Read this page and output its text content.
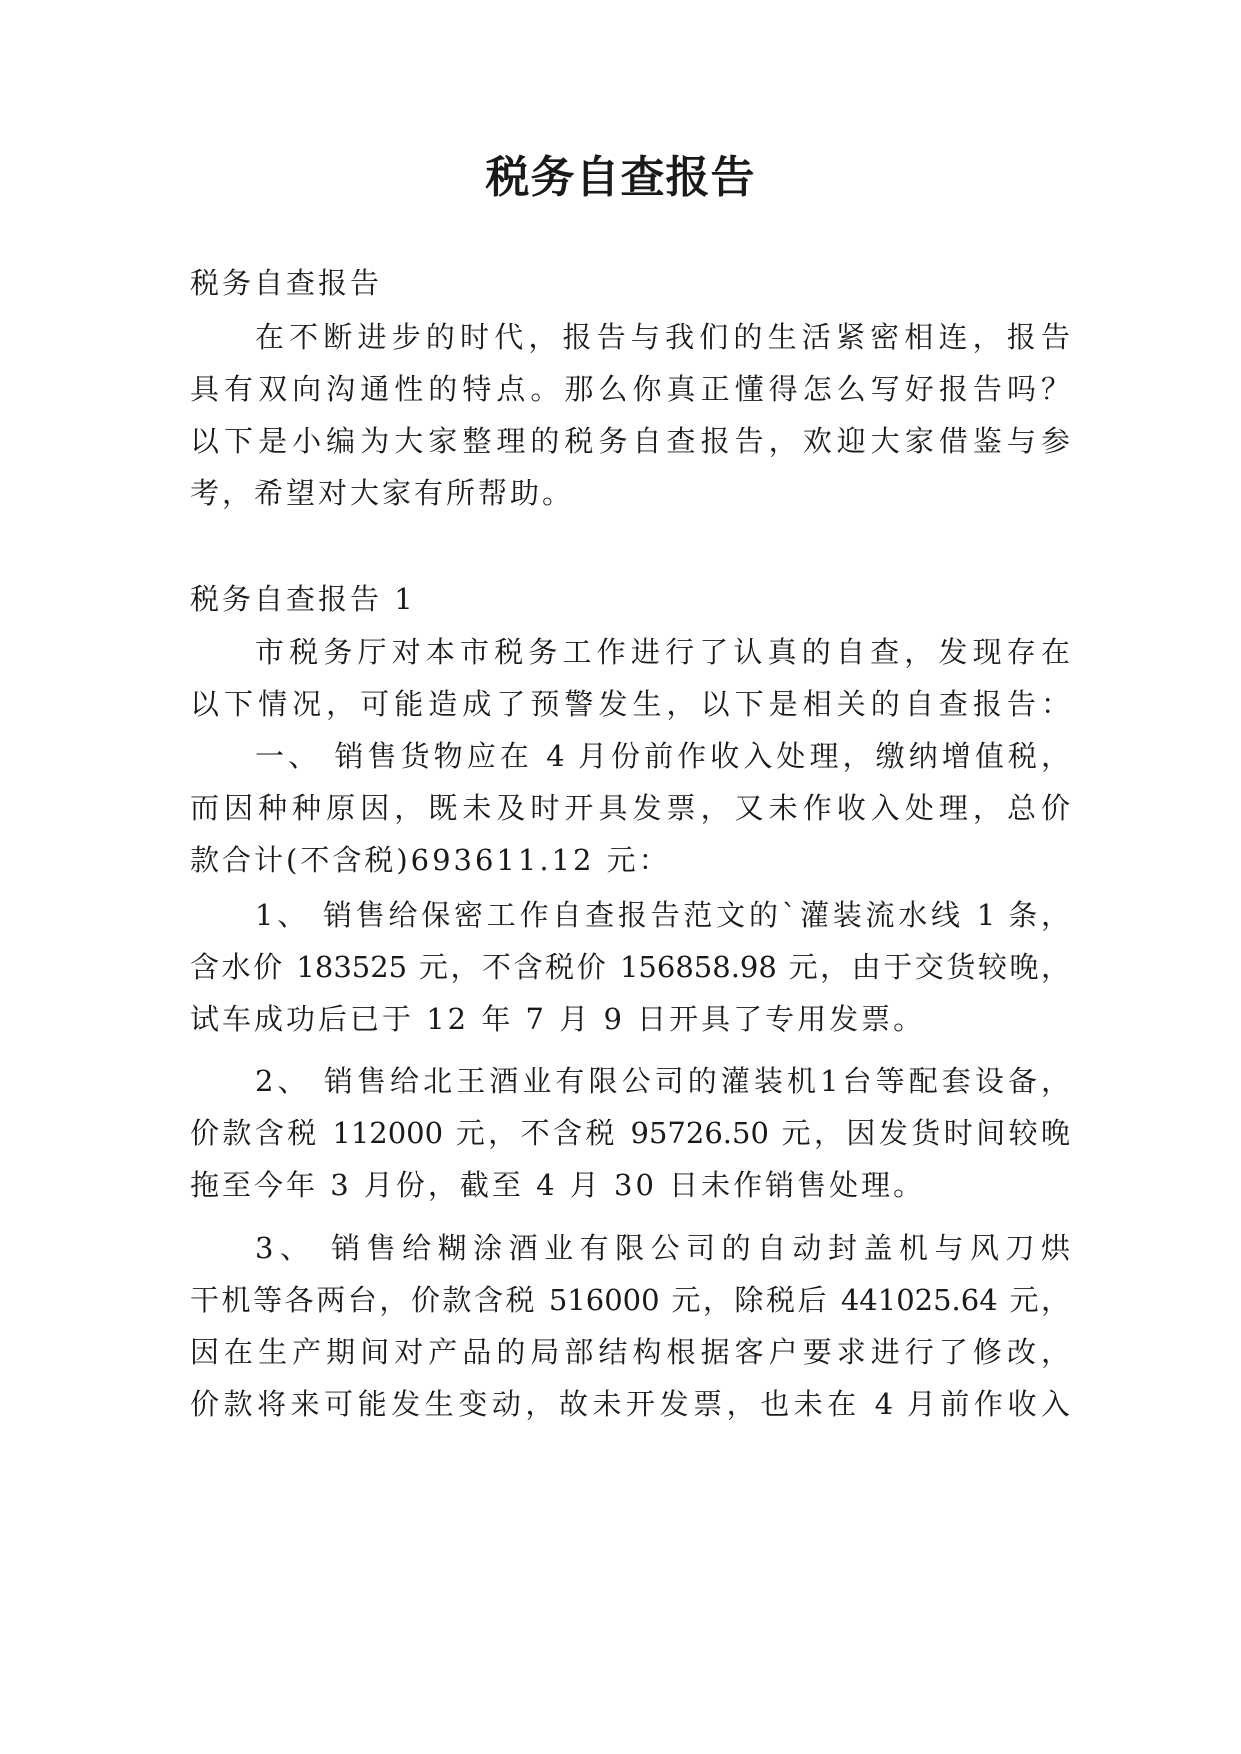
税务自查报告

税务自查报告

在不断进步的时代，报告与我们的生活紧密相连，报告

具有双向沟通性的特点。那么你真正懂得怎么写好报告吗？

以下是小编为大家整理的税务自查报告，欢迎大家借鉴与参

考，希望对大家有所帮助。

税务自查报告 1

市税务厅对本市税务工作进行了认真的自查，发现存在

以下情况，可能造成了预警发生，以下是相关的自查报告：

一、 销售货物应在 4 月份前作收入处理，缴纳增值税，

而因种种原因，既未及时开具发票，又未作收入处理，总价

款合计(不含税)693611.12 元：

1、 销售给保密工作自查报告范文的`灌装流水线 1 条，

含水价 183525 元，不含税价 156858.98 元，由于交货较晚，

试车成功后已于 12 年 7 月 9 日开具了专用发票。

2、 销售给北王酒业有限公司的灌装机1台等配套设备，

价款含税 112000 元，不含税 95726.50 元，因发货时间较晚

拖至今年 3 月份，截至 4 月 30 日未作销售处理。

3、 销售给糊涂酒业有限公司的自动封盖机与风刀烘

干机等各两台，价款含税 516000 元，除税后 441025.64 元，

因在生产期间对产品的局部结构根据客户要求进行了修改，

价款将来可能发生变动，故未开发票，也未在 4 月前作收入
